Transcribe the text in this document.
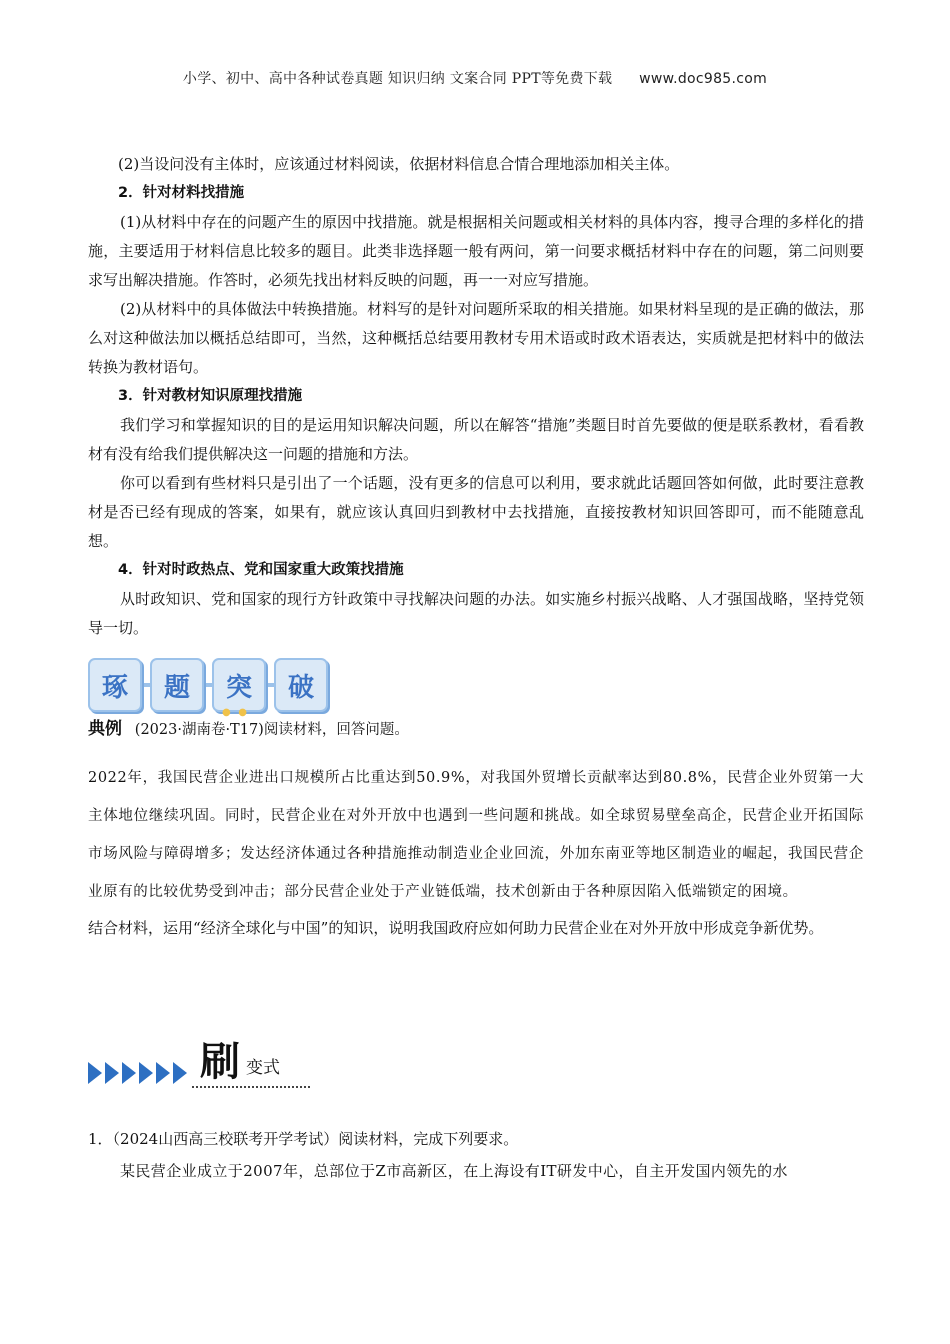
小学、初中、高中各种试卷真题 知识归纳 文案合同 PPT等免费下载 www.doc985.com

(2)当设问没有主体时，应该通过材料阅读，依据材料信息合情合理地添加相关主体。

2．针对材料找措施

(1)从材料中存在的问题产生的原因中找措施。就是根据相关问题或相关材料的具体内容，搜寻合理的多样化的措施，主要适用于材料信息比较多的题目。此类非选择题一般有两问，第一问要求概括材料中存在的问题，第二问则要求写出解决措施。作答时，必须先找出材料反映的问题，再一一对应写措施。

(2)从材料中的具体做法中转换措施。材料写的是针对问题所采取的相关措施。如果材料呈现的是正确的做法，那么对这种做法加以概括总结即可，当然，这种概括总结要用教材专用术语或时政术语表达，实质就是把材料中的做法转换为教材语句。

3．针对教材知识原理找措施

我们学习和掌握知识的目的是运用知识解决问题，所以在解答“措施”类题目时首先要做的便是联系教材，看看教材有没有给我们提供解决这一问题的措施和方法。

你可以看到有些材料只是引出了一个话题，没有更多的信息可以利用，要求就此话题回答如何做，此时要注意教材是否已经有现成的答案，如果有，就应该认真回归到教材中去找措施，直接按教材知识回答即可，而不能随意乱想。

4．针对时政热点、党和国家重大政策找措施

从时政知识、党和国家的现行方针政策中寻找解决问题的办法。如实施乡村振兴战略、人才强国战略，坚持党领导一切。

琢 题 突
● ●
破

典例 (2023·湖南卷·T17)阅读材料，回答问题。

2022年，我国民营企业进出口规模所占比重达到50.9%，对我国外贸增长贡献率达到80.8%，民营企业外贸第一大主体地位继续巩固。同时，民营企业在对外开放中也遇到一些问题和挑战。如全球贸易壁垒高企，民营企业开拓国际市场风险与障碍增多；发达经济体通过各种措施推动制造业企业回流，外加东南亚等地区制造业的崛起，我国民营企业原有的比较优势受到冲击；部分民营企业处于产业链低端，技术创新由于各种原因陷入低端锁定的困境。

结合材料，运用“经济全球化与中国”的知识，说明我国政府应如何助力民营企业在对外开放中形成竞争新优势。

刷 变式

1．（2024山西高三校联考开学考试）阅读材料，完成下列要求。

某民营企业成立于2007年，总部位于Z市高新区，在上海设有IT研发中心，自主开发国内领先的水
